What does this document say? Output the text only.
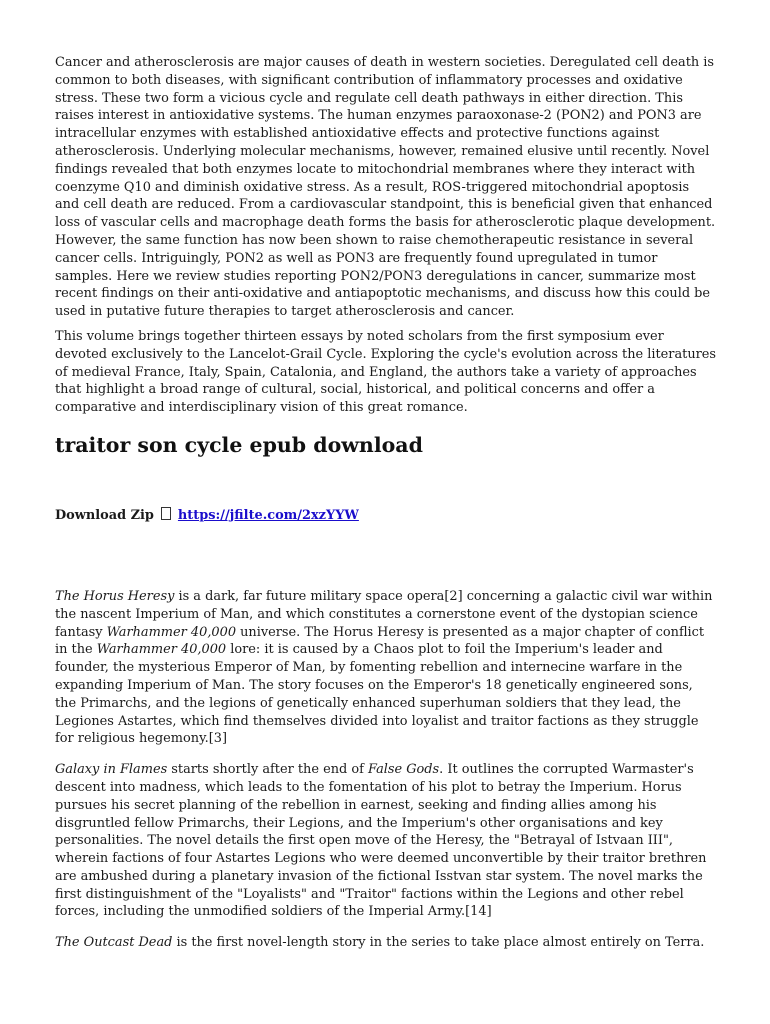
Cancer and atherosclerosis are major causes of death in western societies. Deregulated cell death is common to both diseases, with significant contribution of inflammatory processes and oxidative stress. These two form a vicious cycle and regulate cell death pathways in either direction. This raises interest in antioxidative systems. The human enzymes paraoxonase-2 (PON2) and PON3 are intracellular enzymes with established antioxidative effects and protective functions against atherosclerosis. Underlying molecular mechanisms, however, remained elusive until recently. Novel findings revealed that both enzymes locate to mitochondrial membranes where they interact with coenzyme Q10 and diminish oxidative stress. As a result, ROS-triggered mitochondrial apoptosis and cell death are reduced. From a cardiovascular standpoint, this is beneficial given that enhanced loss of vascular cells and macrophage death forms the basis for atherosclerotic plaque development. However, the same function has now been shown to raise chemotherapeutic resistance in several cancer cells. Intriguingly, PON2 as well as PON3 are frequently found upregulated in tumor samples. Here we review studies reporting PON2/PON3 deregulations in cancer, summarize most recent findings on their anti-oxidative and antiapoptotic mechanisms, and discuss how this could be used in putative future therapies to target atherosclerosis and cancer.

This volume brings together thirteen essays by noted scholars from the first symposium ever devoted exclusively to the Lancelot-Grail Cycle. Exploring the cycle's evolution across the literatures of medieval France, Italy, Spain, Catalonia, and England, the authors take a variety of approaches that highlight a broad range of cultural, social, historical, and political concerns and offer a comparative and interdisciplinary vision of this great romance.

traitor son cycle epub download
Download Zip https://jfilte.com/2xzYYW

The Horus Heresy is a dark, far future military space opera[2] concerning a galactic civil war within the nascent Imperium of Man, and which constitutes a cornerstone event of the dystopian science fantasy Warhammer 40,000 universe. The Horus Heresy is presented as a major chapter of conflict in the Warhammer 40,000 lore: it is caused by a Chaos plot to foil the Imperium's leader and founder, the mysterious Emperor of Man, by fomenting rebellion and internecine warfare in the expanding Imperium of Man. The story focuses on the Emperor's 18 genetically engineered sons, the Primarchs, and the legions of genetically enhanced superhuman soldiers that they lead, the Legiones Astartes, which find themselves divided into loyalist and traitor factions as they struggle for religious hegemony.[3]

Galaxy in Flames starts shortly after the end of False Gods. It outlines the corrupted Warmaster's descent into madness, which leads to the fomentation of his plot to betray the Imperium. Horus pursues his secret planning of the rebellion in earnest, seeking and finding allies among his disgruntled fellow Primarchs, their Legions, and the Imperium's other organisations and key personalities. The novel details the first open move of the Heresy, the "Betrayal of Istvaan III", wherein factions of four Astartes Legions who were deemed unconvertible by their traitor brethren are ambushed during a planetary invasion of the fictional Isstvan star system. The novel marks the first distinguishment of the "Loyalists" and "Traitor" factions within the Legions and other rebel forces, including the unmodified soldiers of the Imperial Army.[14]

The Outcast Dead is the first novel-length story in the series to take place almost entirely on Terra.
